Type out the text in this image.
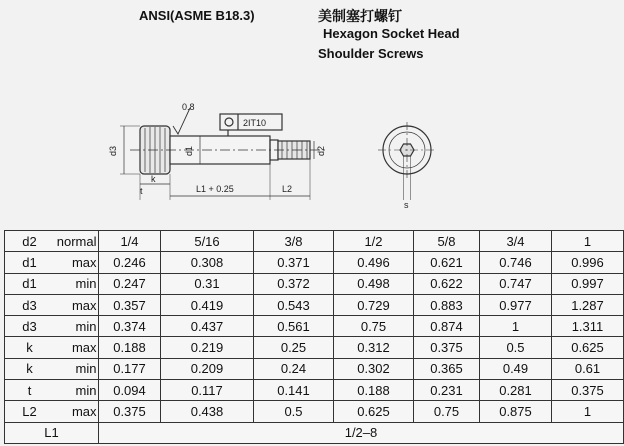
ANSI(ASME B18.3)	美制塞打螺钉
Hexagon Socket Head
Shoulder Screws
d3	d1	d2
k
t	L1 + 0.25	L2
2IT10
0.8
s
d2 normal	1/4	5/16	3/8	1/2	5/8	3/4	1
d1 max	0.246	0.308	0.371	0.496	0.621	0.746	0.996
d1 min	0.247	0.31	0.372	0.498	0.622	0.747	0.997
d3 max	0.357	0.419	0.543	0.729	0.883	0.977	1.287
d3 min	0.374	0.437	0.561	0.75	0.874	1	1.311
k max	0.188	0.219	0.25	0.312	0.375	0.5	0.625
k min	0.177	0.209	0.24	0.302	0.365	0.49	0.61
t min	0.094	0.117	0.141	0.188	0.231	0.281	0.375
L2 max	0.375	0.438	0.5	0.625	0.75	0.875	1
L1	1/2–8						
